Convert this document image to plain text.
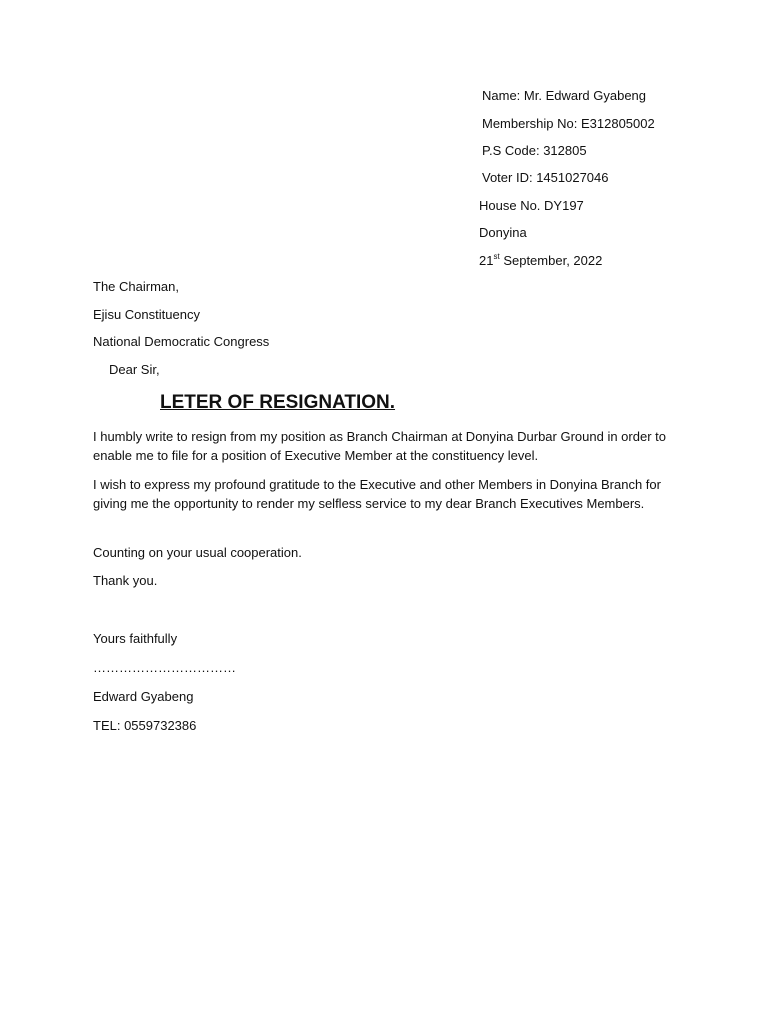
Name: Mr. Edward Gyabeng
Membership No: E312805002
P.S Code: 312805
Voter ID: 1451027046
House No. DY197
Donyina
21st September, 2022
The Chairman,
Ejisu Constituency
National Democratic Congress
Dear Sir,
LETER OF RESIGNATION.
I humbly write to resign from my position as Branch Chairman at Donyina Durbar Ground in order to enable me to file for a position of Executive Member at the constituency level.
I wish to express my profound gratitude to the Executive and other Members in Donyina Branch for giving me the opportunity to render my selfless service to my dear Branch Executives Members.
Counting on your usual cooperation.
Thank you.
Yours faithfully
……………………………
Edward Gyabeng
TEL: 0559732386
